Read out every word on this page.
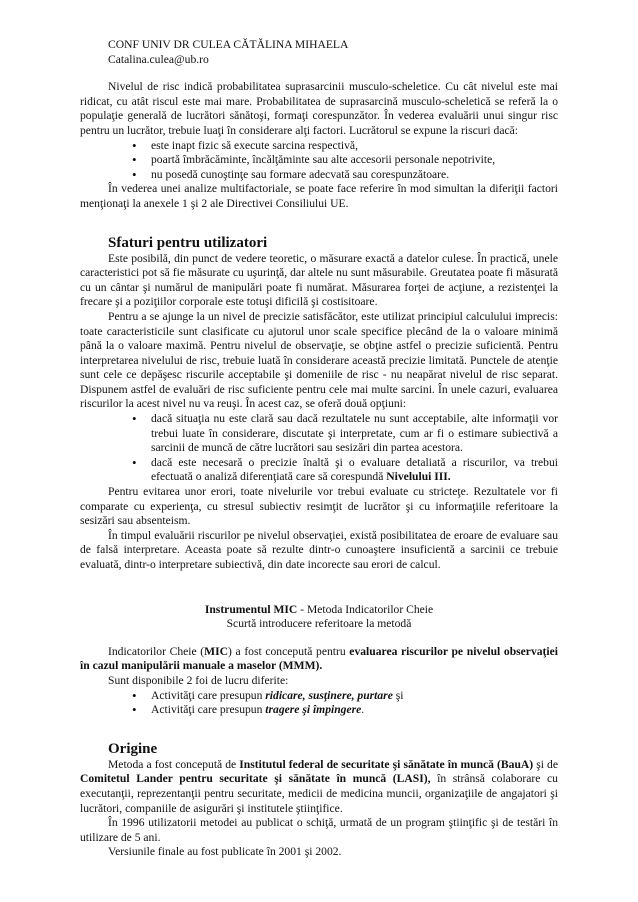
CONF UNIV DR CULEA CĂTĂLINA MIHAELA

Catalina.culea@ub.ro

Nivelul de risc indică probabilitatea suprasarcinii musculo-scheletice. Cu cât nivelul este mai ridicat, cu atât riscul este mai mare. Probabilitatea de suprasarcină musculo-scheletică se referă la o populaţie generală de lucrători sănătoşi, formaţi corespunzător. În vederea evaluării unui singur risc pentru un lucrător, trebuie luaţi în considerare alţi factori. Lucrătorul se expune la riscuri dacă:

• este inapt fizic să execute sarcina respectivă,
• poartă îmbrăcăminte, încălţăminte sau alte accesorii personale nepotrivite,
• nu posedă cunoştinţe sau formare adecvată sau corespunzătoare.

În vederea unei analize multifactoriale, se poate face referire în mod simultan la diferiţii factori menţionaţi la anexele 1 şi 2 ale Directivei Consiliului UE.

Sfaturi pentru utilizatori

Este posibilă, din punct de vedere teoretic, o măsurare exactă a datelor culese. În practică, unele caracteristici pot să fie măsurate cu uşurinţă, dar altele nu sunt măsurabile. Greutatea poate fi măsurată cu un cântar şi numărul de manipulări poate fi numărat. Măsurarea forţei de acţiune, a rezistenţei la frecare şi a poziţiilor corporale este totuşi dificilă şi costisitoare.

Pentru a se ajunge la un nivel de precizie satisfăcător, este utilizat principiul calculului imprecis: toate caracteristicile sunt clasificate cu ajutorul unor scale specifice plecând de la o valoare minimă până la o valoare maximă. Pentru nivelul de observaţie, se obţine astfel o precizie suficientă. Pentru interpretarea nivelului de risc, trebuie luată în considerare această precizie limitată. Punctele de atenţie sunt cele ce depăşesc riscurile acceptabile şi domeniile de risc - nu neapărat nivelul de risc separat. Dispunem astfel de evaluări de risc suficiente pentru cele mai multe sarcini. În unele cazuri, evaluarea riscurilor la acest nivel nu va reuşi. În acest caz, se oferă două opţiuni:

• dacă situaţia nu este clară sau dacă rezultatele nu sunt acceptabile, alte informaţii vor trebui luate în considerare, discutate şi interpretate, cum ar fi o estimare subiectivă a sarcinii de muncă de către lucrători sau sesizări din partea acestora.
• dacă este necesară o precizie înaltă şi o evaluare detaliată a riscurilor, va trebui efectuată o analiză diferenţiată care să corespundă Nivelului III.

Pentru evitarea unor erori, toate nivelurile vor trebui evaluate cu stricteţe. Rezultatele vor fi comparate cu experienţa, cu stresul subiectiv resimţit de lucrător şi cu informaţiile referitoare la sesizări sau absenteism.

În timpul evaluării riscurilor pe nivelul observaţiei, există posibilitatea de eroare de evaluare sau de falsă interpretare. Aceasta poate să rezulte dintr-o cunoaştere insuficientă a sarcinii ce trebuie evaluată, dintr-o interpretare subiectivă, din date incorecte sau erori de calcul.

Instrumentul MIC - Metoda Indicatorilor Cheie

Scurtă introducere referitoare la metodă

Indicatorilor Cheie (MIC) a fost concepută pentru evaluarea riscurilor pe nivelul observaţiei în cazul manipulării manuale a maselor (MMM).

Sunt disponibile 2 foi de lucru diferite:

• Activităţi care presupun ridicare, susţinere, purtare şi
• Activităţi care presupun tragere şi împingere.
Origine

Metoda a fost concepută de Institutul federal de securitate şi sănătate în muncă (BauA) şi de Comitetul Lander pentru securitate şi sănătate în muncă (LASI), în strânsă colaborare cu executanţii, reprezentanţii pentru securitate, medicii de medicina muncii, organizaţiile de angajatori şi lucrători, companiile de asigurări şi institutele ştiinţifice.

În 1996 utilizatorii metodei au publicat o schiţă, urmată de un program ştiinţific şi de testări în utilizare de 5 ani.

Versiunile finale au fost publicate în 2001 şi 2002.
